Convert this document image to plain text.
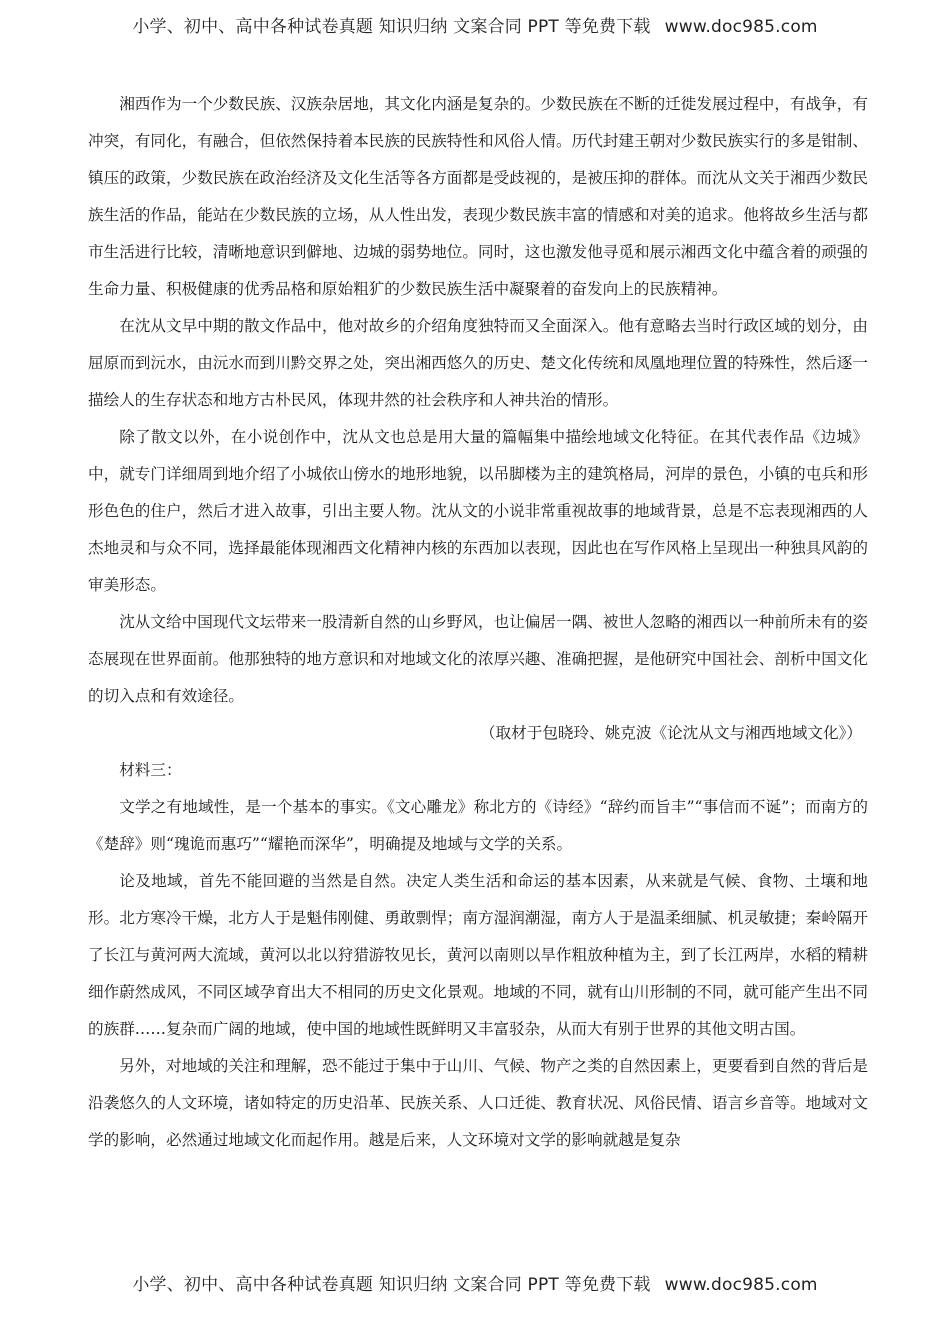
小学、初中、高中各种试卷真题 知识归纳 文案合同 PPT 等免费下载 www.doc985.com

湘西作为一个少数民族、汉族杂居地，其文化内涵是复杂的。少数民族在不断的迁徙发展过程中，有战争，有冲突，有同化，有融合，但依然保持着本民族的民族特性和风俗人情。历代封建王朝对少数民族实行的多是钳制、镇压的政策，少数民族在政治经济及文化生活等各方面都是受歧视的，是被压抑的群体。而沈从文关于湘西少数民族生活的作品，能站在少数民族的立场，从人性出发，表现少数民族丰富的情感和对美的追求。他将故乡生活与都市生活进行比较，清晰地意识到僻地、边城的弱势地位。同时，这也激发他寻觅和展示湘西文化中蕴含着的顽强的生命力量、积极健康的优秀品格和原始粗犷的少数民族生活中凝聚着的奋发向上的民族精神。

在沈从文早中期的散文作品中，他对故乡的介绍角度独特而又全面深入。他有意略去当时行政区域的划分，由屈原而到沅水，由沅水而到川黔交界之处，突出湘西悠久的历史、楚文化传统和凤凰地理位置的特殊性，然后逐一描绘人的生存状态和地方古朴民风，体现井然的社会秩序和人神共治的情形。

除了散文以外，在小说创作中，沈从文也总是用大量的篇幅集中描绘地域文化特征。在其代表作品《边城》中，就专门详细周到地介绍了小城依山傍水的地形地貌，以吊脚楼为主的建筑格局，河岸的景色，小镇的屯兵和形形色色的住户，然后才进入故事，引出主要人物。沈从文的小说非常重视故事的地域背景，总是不忘表现湘西的人杰地灵和与众不同，选择最能体现湘西文化精神内核的东西加以表现，因此也在写作风格上呈现出一种独具风韵的审美形态。

沈从文给中国现代文坛带来一股清新自然的山乡野风，也让偏居一隅、被世人忽略的湘西以一种前所未有的姿态展现在世界面前。他那独特的地方意识和对地域文化的浓厚兴趣、准确把握，是他研究中国社会、剖析中国文化的切入点和有效途径。

（取材于包晓玲、姚克波《论沈从文与湘西地域文化》）

材料三：

文学之有地域性，是一个基本的事实。《文心雕龙》称北方的《诗经》“辞约而旨丰”“事信而不诞”；而南方的《楚辞》则“瑰诡而惠巧”“耀艳而深华”，明确提及地域与文学的关系。

论及地域，首先不能回避的当然是自然。决定人类生活和命运的基本因素，从来就是气候、食物、土壤和地形。北方寒冷干燥，北方人于是魁伟刚健、勇敢剽悍；南方湿润潮湿，南方人于是温柔细腻、机灵敏捷；秦岭隔开了长江与黄河两大流域，黄河以北以狩猎游牧见长，黄河以南则以旱作粗放种植为主，到了长江两岸，水稻的精耕细作蔚然成风，不同区域孕育出大不相同的历史文化景观。地域的不同，就有山川形制的不同，就可能产生出不同的族群……复杂而广阔的地域，使中国的地域性既鲜明又丰富驳杂，从而大有别于世界的其他文明古国。

另外，对地域的关注和理解，恐不能过于集中于山川、气候、物产之类的自然因素上，更要看到自然的背后是沿袭悠久的人文环境，诸如特定的历史沿革、民族关系、人口迁徙、教育状况、风俗民情、语言乡音等。地域对文学的影响，必然通过地域文化而起作用。越是后来，人文环境对文学的影响就越是复杂

小学、初中、高中各种试卷真题 知识归纳 文案合同 PPT 等免费下载 www.doc985.com
